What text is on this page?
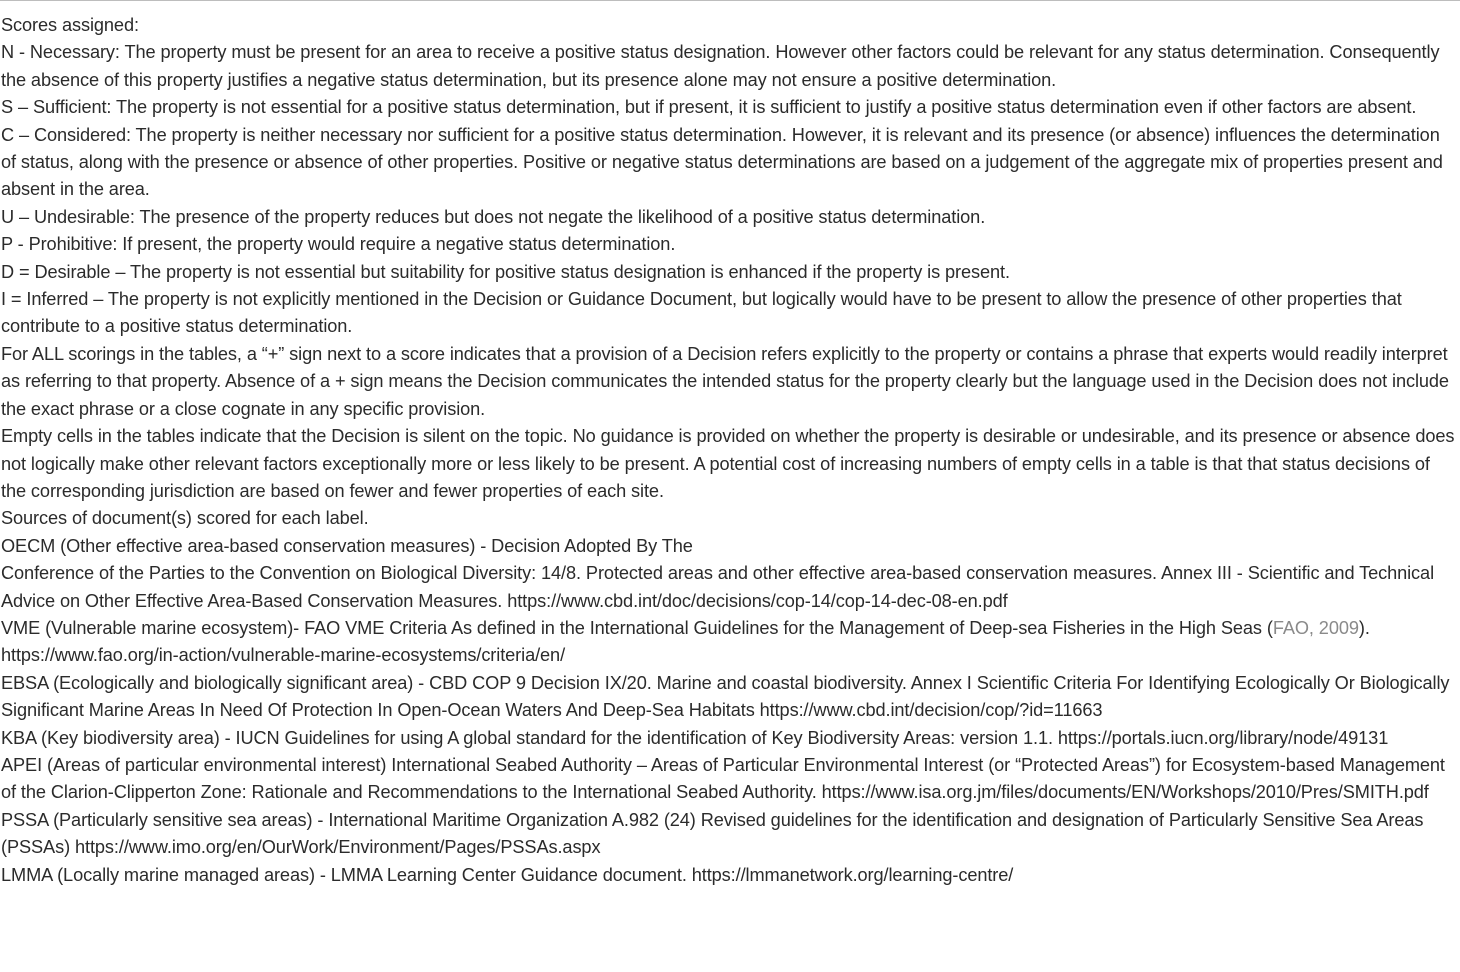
Scores assigned:

N - Necessary: The property must be present for an area to receive a positive status designation. However other factors could be relevant for any status determination. Consequently the absence of this property justifies a negative status determination, but its presence alone may not ensure a positive determination.

S – Sufficient: The property is not essential for a positive status determination, but if present, it is sufficient to justify a positive status determination even if other factors are absent.

C – Considered: The property is neither necessary nor sufficient for a positive status determination. However, it is relevant and its presence (or absence) influences the determination of status, along with the presence or absence of other properties. Positive or negative status determinations are based on a judgement of the aggregate mix of properties present and absent in the area.

U – Undesirable: The presence of the property reduces but does not negate the likelihood of a positive status determination.

P - Prohibitive: If present, the property would require a negative status determination.

D = Desirable – The property is not essential but suitability for positive status designation is enhanced if the property is present.

I = Inferred – The property is not explicitly mentioned in the Decision or Guidance Document, but logically would have to be present to allow the presence of other properties that contribute to a positive status determination.

For ALL scorings in the tables, a “+” sign next to a score indicates that a provision of a Decision refers explicitly to the property or contains a phrase that experts would readily interpret as referring to that property. Absence of a + sign means the Decision communicates the intended status for the property clearly but the language used in the Decision does not include the exact phrase or a close cognate in any specific provision.

Empty cells in the tables indicate that the Decision is silent on the topic. No guidance is provided on whether the property is desirable or undesirable, and its presence or absence does not logically make other relevant factors exceptionally more or less likely to be present. A potential cost of increasing numbers of empty cells in a table is that that status decisions of the corresponding jurisdiction are based on fewer and fewer properties of each site.

Sources of document(s) scored for each label.

OECM (Other effective area-based conservation measures) - Decision Adopted By The

Conference of the Parties to the Convention on Biological Diversity: 14/8. Protected areas and other effective area-based conservation measures. Annex III - Scientific and Technical Advice on Other Effective Area-Based Conservation Measures. https://www.cbd.int/doc/decisions/cop-14/cop-14-dec-08-en.pdf

VME (Vulnerable marine ecosystem)- FAO VME Criteria As defined in the International Guidelines for the Management of Deep-sea Fisheries in the High Seas (FAO, 2009). https://www.fao.org/in-action/vulnerable-marine-ecosystems/criteria/en/

EBSA (Ecologically and biologically significant area) - CBD COP 9 Decision IX/20. Marine and coastal biodiversity. Annex I Scientific Criteria For Identifying Ecologically Or Biologically Significant Marine Areas In Need Of Protection In Open-Ocean Waters And Deep-Sea Habitats https://www.cbd.int/decision/cop/?id=11663

KBA (Key biodiversity area) - IUCN Guidelines for using A global standard for the identification of Key Biodiversity Areas: version 1.1. https://portals.iucn.org/library/node/49131

APEI (Areas of particular environmental interest) International Seabed Authority – Areas of Particular Environmental Interest (or “Protected Areas”) for Ecosystem-based Management of the Clarion-Clipperton Zone: Rationale and Recommendations to the International Seabed Authority. https://www.isa.org.jm/files/documents/EN/Workshops/2010/Pres/SMITH.pdf

PSSA (Particularly sensitive sea areas) - International Maritime Organization A.982 (24) Revised guidelines for the identification and designation of Particularly Sensitive Sea Areas (PSSAs) https://www.imo.org/en/OurWork/Environment/Pages/PSSAs.aspx

LMMA (Locally marine managed areas) - LMMA Learning Center Guidance document. https://lmmanetwork.org/learning-centre/
